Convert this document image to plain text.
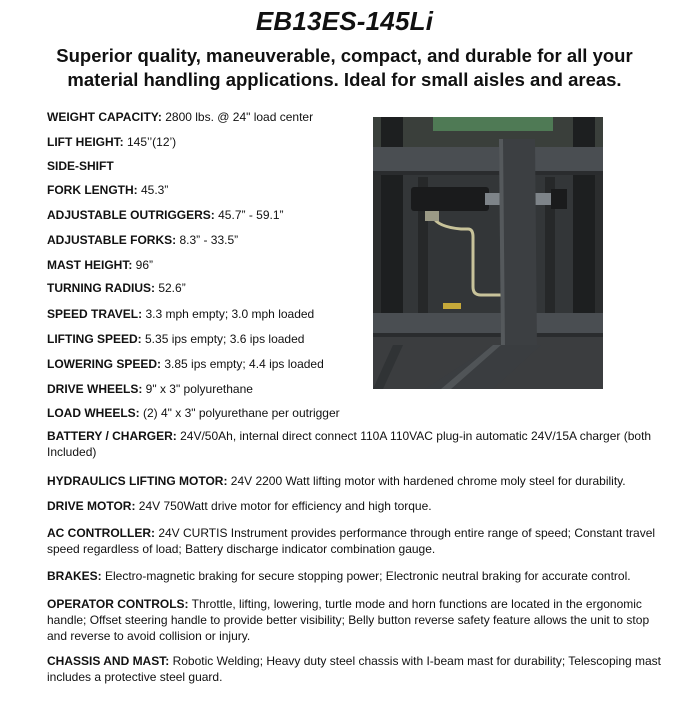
EB13ES-145Li
Superior quality, maneuverable, compact, and durable for all your material handling applications. Ideal for small aisles and areas.
WEIGHT CAPACITY: 2800 lbs. @ 24" load center
LIFT HEIGHT: 145’’(12’)
SIDE-SHIFT
FORK LENGTH: 45.3”
ADJUSTABLE OUTRIGGERS: 45.7” - 59.1”
ADJUSTABLE FORKS: 8.3” - 33.5”
MAST HEIGHT: 96”
TURNING RADIUS: 52.6”
SPEED TRAVEL: 3.3 mph empty; 3.0 mph loaded
LIFTING SPEED: 5.35 ips empty; 3.6 ips loaded
LOWERING SPEED: 3.85 ips empty; 4.4 ips loaded
DRIVE WHEELS: 9" x 3" polyurethane
LOAD WHEELS: (2) 4" x 3" polyurethane per outrigger
BATTERY / CHARGER: 24V/50Ah, internal direct connect 110A 110VAC plug-in automatic 24V/15A charger (both Included)
HYDRAULICS LIFTING MOTOR: 24V 2200 Watt lifting motor with hardened chrome moly steel for durability.
DRIVE MOTOR: 24V 750Watt drive motor for efficiency and high torque.
AC CONTROLLER: 24V CURTIS Instrument provides performance through entire range of speed; Constant travel speed regardless of load; Battery discharge indicator combination gauge.
BRAKES: Electro-magnetic braking for secure stopping power; Electronic neutral braking for accurate control.
OPERATOR CONTROLS: Throttle, lifting, lowering, turtle mode and horn functions are located in the ergonomic handle; Offset steering handle to provide better visibility; Belly button reverse safety feature allows the unit to stop and reverse to avoid collision or injury.
CHASSIS AND MAST: Robotic Welding; Heavy duty steel chassis with I-beam mast for durability; Telescoping mast includes a protective steel guard.
